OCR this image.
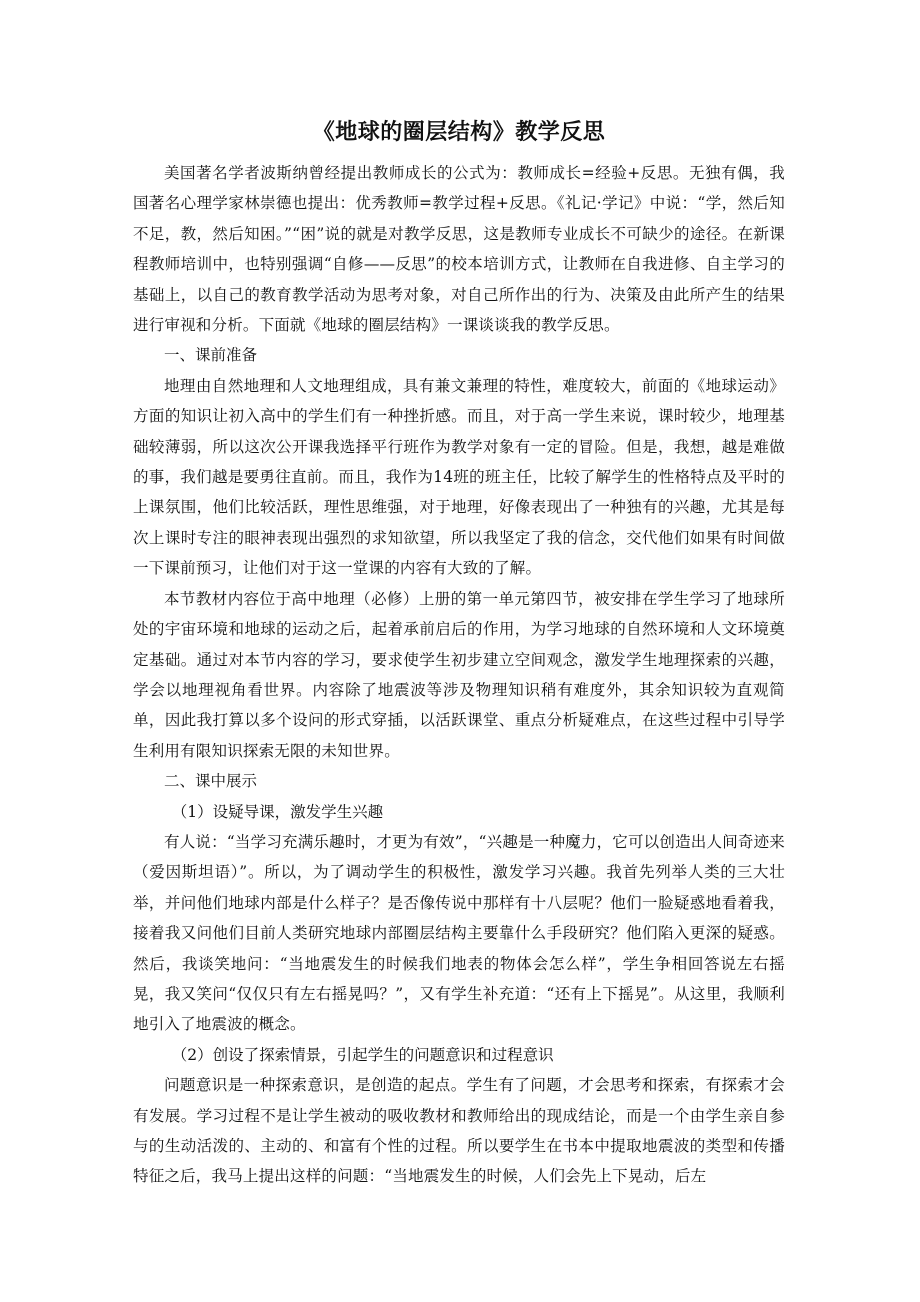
《地球的圈层结构》教学反思

美国著名学者波斯纳曾经提出教师成长的公式为：教师成长=经验+反思。无独有偶，我国著名心理学家林崇德也提出：优秀教师=教学过程+反思。《礼记·学记》中说：“学，然后知不足，教，然后知困。”“困”说的就是对教学反思，这是教师专业成长不可缺少的途径。在新课程教师培训中，也特别强调“自修——反思”的校本培训方式，让教师在自我进修、自主学习的基础上，以自己的教育教学活动为思考对象，对自己所作出的行为、决策及由此所产生的结果进行审视和分析。下面就《地球的圈层结构》一课谈谈我的教学反思。

一、课前准备

地理由自然地理和人文地理组成，具有兼文兼理的特性，难度较大，前面的《地球运动》方面的知识让初入高中的学生们有一种挫折感。而且，对于高一学生来说，课时较少，地理基础较薄弱，所以这次公开课我选择平行班作为教学对象有一定的冒险。但是，我想，越是难做的事，我们越是要勇往直前。而且，我作为14班的班主任，比较了解学生的性格特点及平时的上课氛围，他们比较活跃，理性思维强，对于地理，好像表现出了一种独有的兴趣，尤其是每次上课时专注的眼神表现出强烈的求知欲望，所以我坚定了我的信念，交代他们如果有时间做一下课前预习，让他们对于这一堂课的内容有大致的了解。

本节教材内容位于高中地理（必修）上册的第一单元第四节，被安排在学生学习了地球所处的宇宙环境和地球的运动之后，起着承前启后的作用，为学习地球的自然环境和人文环境奠定基础。通过对本节内容的学习，要求使学生初步建立空间观念，激发学生地理探索的兴趣，学会以地理视角看世界。内容除了地震波等涉及物理知识稍有难度外，其余知识较为直观简单，因此我打算以多个设问的形式穿插，以活跃课堂、重点分析疑难点，在这些过程中引导学生利用有限知识探索无限的未知世界。

二、课中展示

（1）设疑导课，激发学生兴趣

有人说：“当学习充满乐趣时，才更为有效”，“兴趣是一种魔力，它可以创造出人间奇迹来（爱因斯坦语）”。所以，为了调动学生的积极性，激发学习兴趣。我首先列举人类的三大壮举，并问他们地球内部是什么样子？是否像传说中那样有十八层呢？他们一脸疑惑地看着我，接着我又问他们目前人类研究地球内部圈层结构主要靠什么手段研究？他们陷入更深的疑惑。然后，我谈笑地问：“当地震发生的时候我们地表的物体会怎么样”，学生争相回答说左右摇晃，我又笑问“仅仅只有左右摇晃吗？”，又有学生补充道：“还有上下摇晃”。从这里，我顺利地引入了地震波的概念。

（2）创设了探索情景，引起学生的问题意识和过程意识

问题意识是一种探索意识，是创造的起点。学生有了问题，才会思考和探索，有探索才会有发展。学习过程不是让学生被动的吸收教材和教师给出的现成结论，而是一个由学生亲自参与的生动活泼的、主动的、和富有个性的过程。所以要学生在书本中提取地震波的类型和传播特征之后，我马上提出这样的问题：“当地震发生的时候，人们会先上下晃动，后左
